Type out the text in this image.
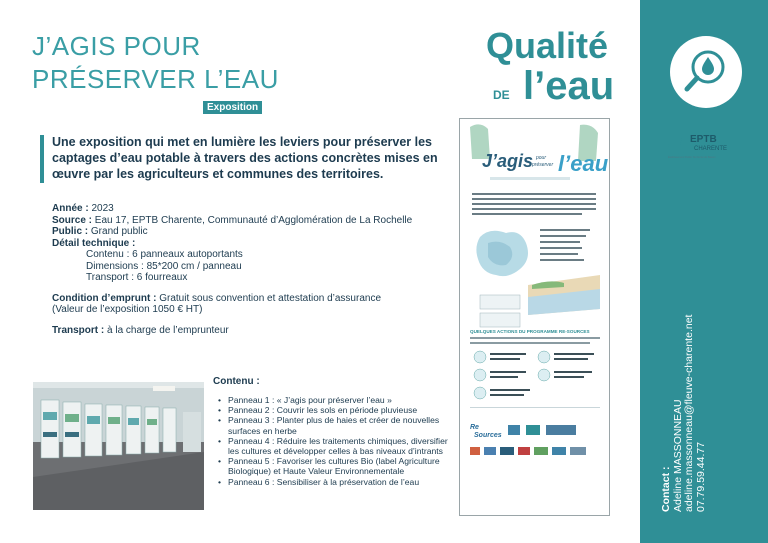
J’AGIS POUR
PRÉSERVER L’EAU
Exposition
Qualité
DE l’eau
EPTB
CHARENTE
Établissement Public Territorial de Bassin
Contact : Adeline MASSONNEAU adeline.massonneau@fleuve-charente.net 07.79.59.44.77
Une exposition qui met en lumière les leviers pour préserver les captages d’eau potable à travers des actions concrètes mises en œuvre par les agriculteurs et communes des territoires.
Année : 2023
Source : Eau 17, EPTB Charente, Communauté d’Agglomération de La Rochelle
Public : Grand public
Détail technique :
Contenu : 6 panneaux autoportants
Dimensions : 85*200 cm / panneau
Transport : 6 fourreaux
Condition d’emprunt : Gratuit sous convention et attestation d’assurance
(Valeur de l’exposition 1050 € HT)
Transport : à la charge de l’emprunteur
Contenu :
• Panneau 1 : « J’agis pour préserver l’eau »
• Panneau 2 : Couvrir les sols en période pluvieuse
• Panneau 3 : Planter plus de haies et créer de nouvelles surfaces en herbe
• Panneau 4 : Réduire les traitements chimiques, diversifier les cultures et développer celles à bas niveaux d’intrants
• Panneau 5 : Favoriser les cultures Bio (label Agriculture Biologique) et Haute Valeur Environnementale
• Panneau 6 : Sensibiliser à la préservation de l’eau
J’agis pour
préserver l’eau
QUELQUES ACTIONS DU PROGRAMME RE-SOURCES
Re
Sources
